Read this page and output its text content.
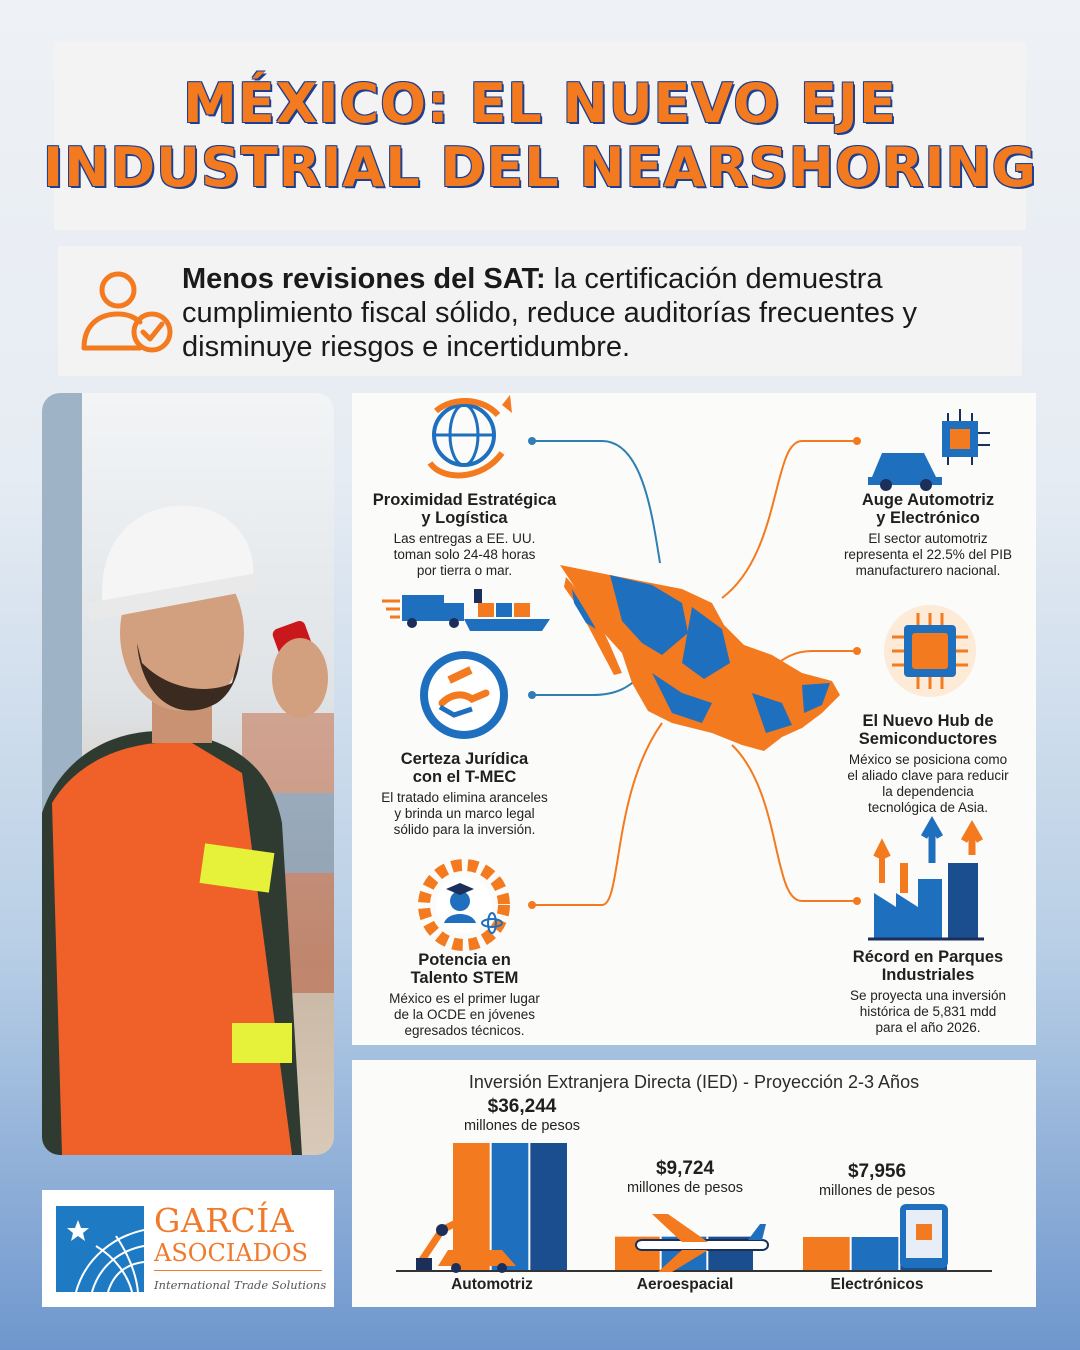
MÉXICO: EL NUEVO EJE
INDUSTRIAL DEL NEARSHORING
Menos revisiones del SAT: la certificación demuestra cumplimiento fiscal sólido, reduce auditorías frecuentes y disminuye riesgos e incertidumbre.
GARCÍA
ASOCIADOS
International Trade Solutions
Proximidad Estratégica
y Logística
Las entregas a EE. UU.
toman solo 24-48 horas
por tierra o mar.
Certeza Jurídica
con el T-MEC
El tratado elimina aranceles
y brinda un marco legal
sólido para la inversión.
Potencia en
Talento STEM
México es el primer lugar
de la OCDE en jóvenes
egresados técnicos.
Auge Automotriz
y Electrónico
El sector automotriz
representa el 22.5% del PIB
manufacturero nacional.
El Nuevo Hub de
Semiconductores
México se posiciona como
el aliado clave para reducir
la dependencia
tecnológica de Asia.
Récord en Parques
Industriales
Se proyecta una inversión
histórica de 5,831 mdd
para el año 2026.
Inversión Extranjera Directa (IED) - Proyección 2-3 Años
$36,244
millones de pesos
$9,724
millones de pesos
$7,956
millones de pesos
Automotriz	Aeroespacial	Electrónicos
